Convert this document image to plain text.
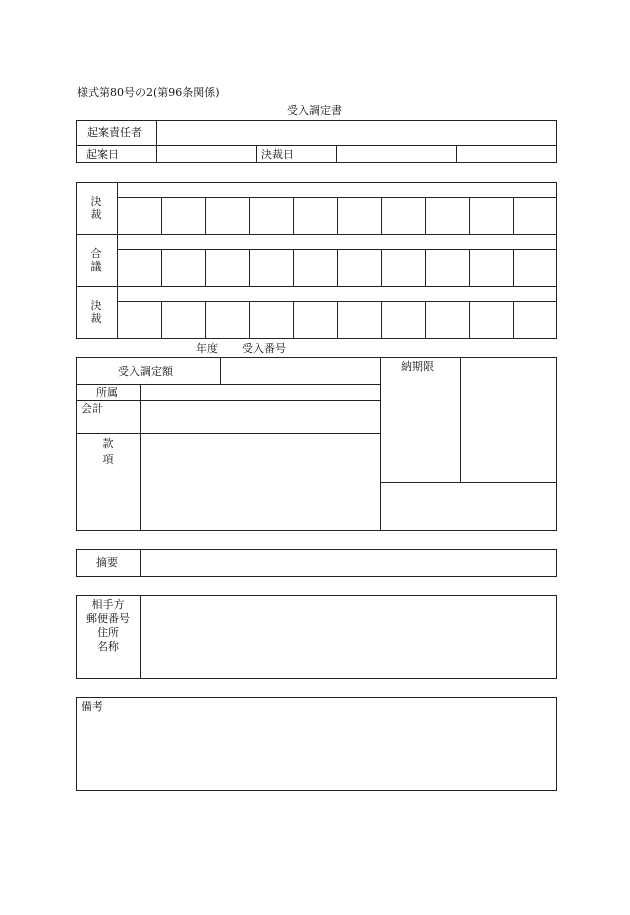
様式第80号の2(第96条関係)
受入調定書
起案責任者
起案日	決裁日
決
裁
合
議
決
裁
年度 受入番号
受入調定額	納期限
所属
会計
款
項
摘要
相手方
郵便番号
住所
名称
備考
